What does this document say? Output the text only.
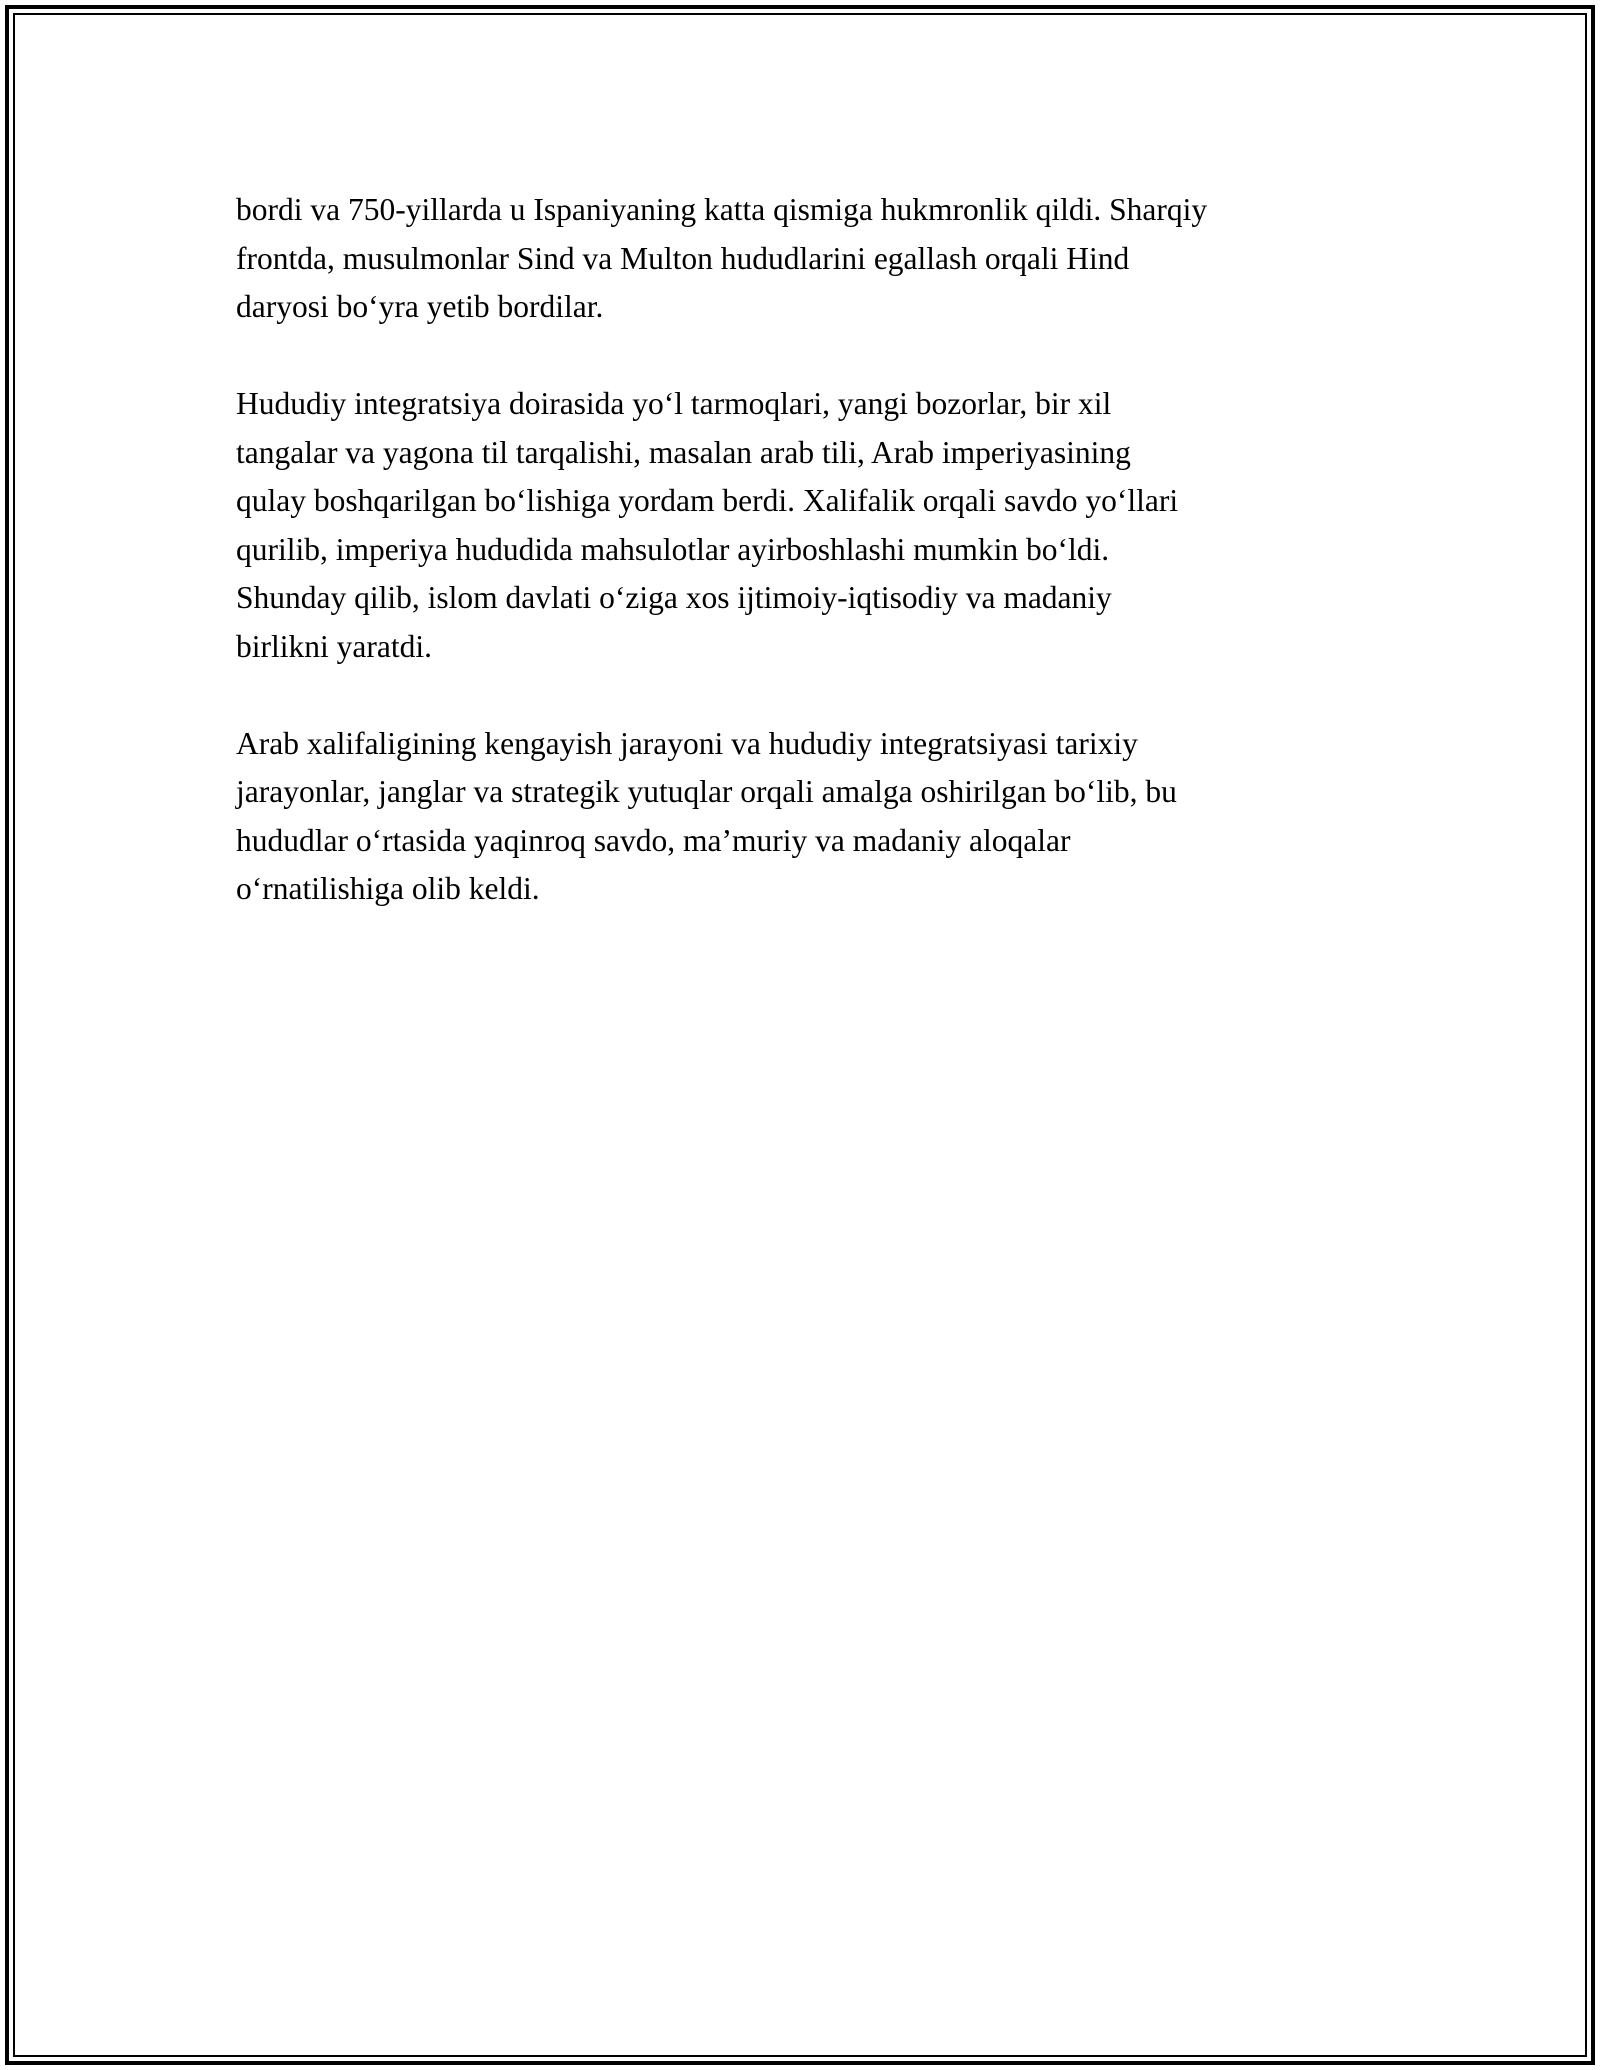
bordi va 750-yillarda u Ispaniyaning katta qismiga hukmronlik qildi. Sharqiy
frontda, musulmonlar Sind va Multon hududlarini egallash orqali Hind
daryosi bo‘yra yetib bordilar.

Hududiy integratsiya doirasida yo‘l tarmoqlari, yangi bozorlar, bir xil
tangalar va yagona til tarqalishi, masalan arab tili, Arab imperiyasining
qulay boshqarilgan bo‘lishiga yordam berdi. Xalifalik orqali savdo yo‘llari
qurilib, imperiya hududida mahsulotlar ayirboshlashi mumkin bo‘ldi.
Shunday qilib, islom davlati o‘ziga xos ijtimoiy-iqtisodiy va madaniy
birlikni yaratdi.

Arab xalifaligining kengayish jarayoni va hududiy integratsiyasi tarixiy
jarayonlar, janglar va strategik yutuqlar orqali amalga oshirilgan bo‘lib, bu
hududlar o‘rtasida yaqinroq savdo, ma’muriy va madaniy aloqalar
o‘rnatilishiga olib keldi.
